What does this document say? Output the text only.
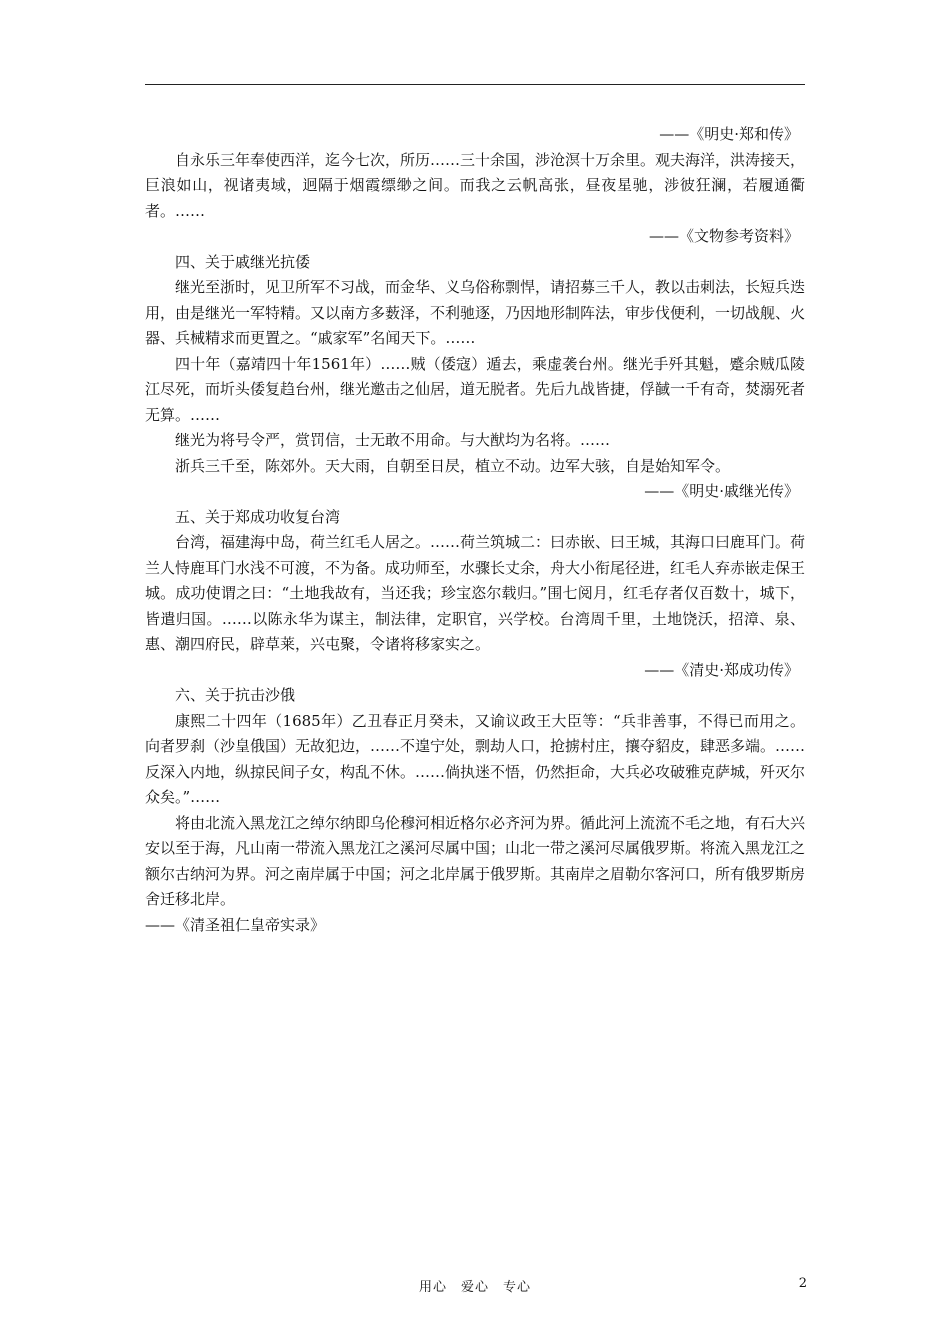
——《明史·郑和传》

自永乐三年奉使西洋，迄今七次，所历……三十余国，涉沧溟十万余里。观夫海洋，洪涛接天，巨浪如山，视诸夷域，迥隔于烟霞缥缈之间。而我之云帆高张，昼夜星驰，涉彼狂澜，若履通衢者。……

——《文物参考资料》

四、关于戚继光抗倭

继光至浙时，见卫所军不习战，而金华、义乌俗称剽悍，请招募三千人，教以击刺法，长短兵迭用，由是继光一军特精。又以南方多薮泽，不利驰逐，乃因地形制阵法，审步伐便利，一切战舰、火器、兵械精求而更置之。“戚家军”名闻天下。……

四十年（嘉靖四十年1561年）……贼（倭寇）遁去，乘虚袭台州。继光手歼其魁，蹙余贼瓜陵江尽死，而圻头倭复趋台州，继光邀击之仙居，道无脱者。先后九战皆捷，俘馘一千有奇，焚溺死者无算。……

继光为将号令严，赏罚信，士无敢不用命。与大猷均为名将。……

浙兵三千至，陈郊外。天大雨，自朝至日昃，植立不动。边军大骇，自是始知军令。

——《明史·戚继光传》

五、关于郑成功收复台湾

台湾，福建海中岛，荷兰红毛人居之。……荷兰筑城二：曰赤嵌、曰王城，其海口曰鹿耳门。荷兰人恃鹿耳门水浅不可渡，不为备。成功师至，水骤长丈余，舟大小衔尾径进，红毛人弃赤嵌走保王城。成功使谓之曰：“土地我故有，当还我；珍宝恣尔载归。”围七阅月，红毛存者仅百数十，城下，皆遣归国。……以陈永华为谋主，制法律，定职官，兴学校。台湾周千里，土地饶沃，招漳、泉、惠、潮四府民，辟草莱，兴屯聚，令诸将移家实之。

——《清史·郑成功传》

六、关于抗击沙俄

康熙二十四年（1685年）乙丑春正月癸未，又谕议政王大臣等：“兵非善事，不得已而用之。向者罗刹（沙皇俄国）无故犯边，……不遑宁处，剽劫人口，抢掳村庄，攘夺貂皮，肆恶多端。……反深入内地，纵掠民间子女，构乱不休。……倘执迷不悟，仍然拒命，大兵必攻破雅克萨城，歼灭尔众矣。”……

将由北流入黑龙江之绰尔纳即乌伦穆河相近格尔必齐河为界。循此河上流流不毛之地，有石大兴安以至于海，凡山南一带流入黑龙江之溪河尽属中国；山北一带之溪河尽属俄罗斯。将流入黑龙江之额尔古纳河为界。河之南岸属于中国；河之北岸属于俄罗斯。其南岸之眉勒尔客河口，所有俄罗斯房舍迁移北岸。

——《清圣祖仁皇帝实录》

用心　爱心　专心	2
